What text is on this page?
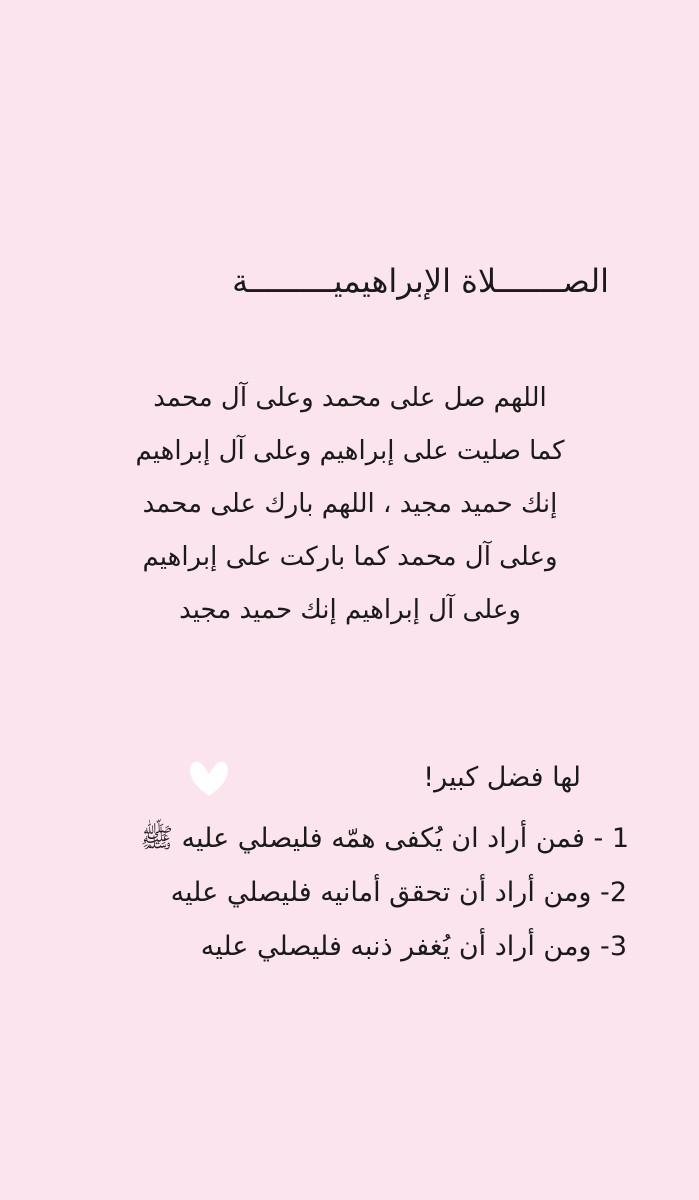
الصـــــــلاة الإبراهيميـــــــــة
اللهم صل على محمد وعلى آل محمد
كما صليت على إبراهيم وعلى آل إبراهيم
إنك حميد مجيد ، اللهم بارك على محمد
وعلى آل محمد كما باركت على إبراهيم
وعلى آل إبراهيم إنك حميد مجيد
لها فضل كبير!
1 - فمن أراد ان يُكفى همّه فليصلي عليه ﷺ
2- ومن أراد أن تحقق أمانيه فليصلي عليه
3- ومن أراد أن يُغفر ذنبه فليصلي عليه
